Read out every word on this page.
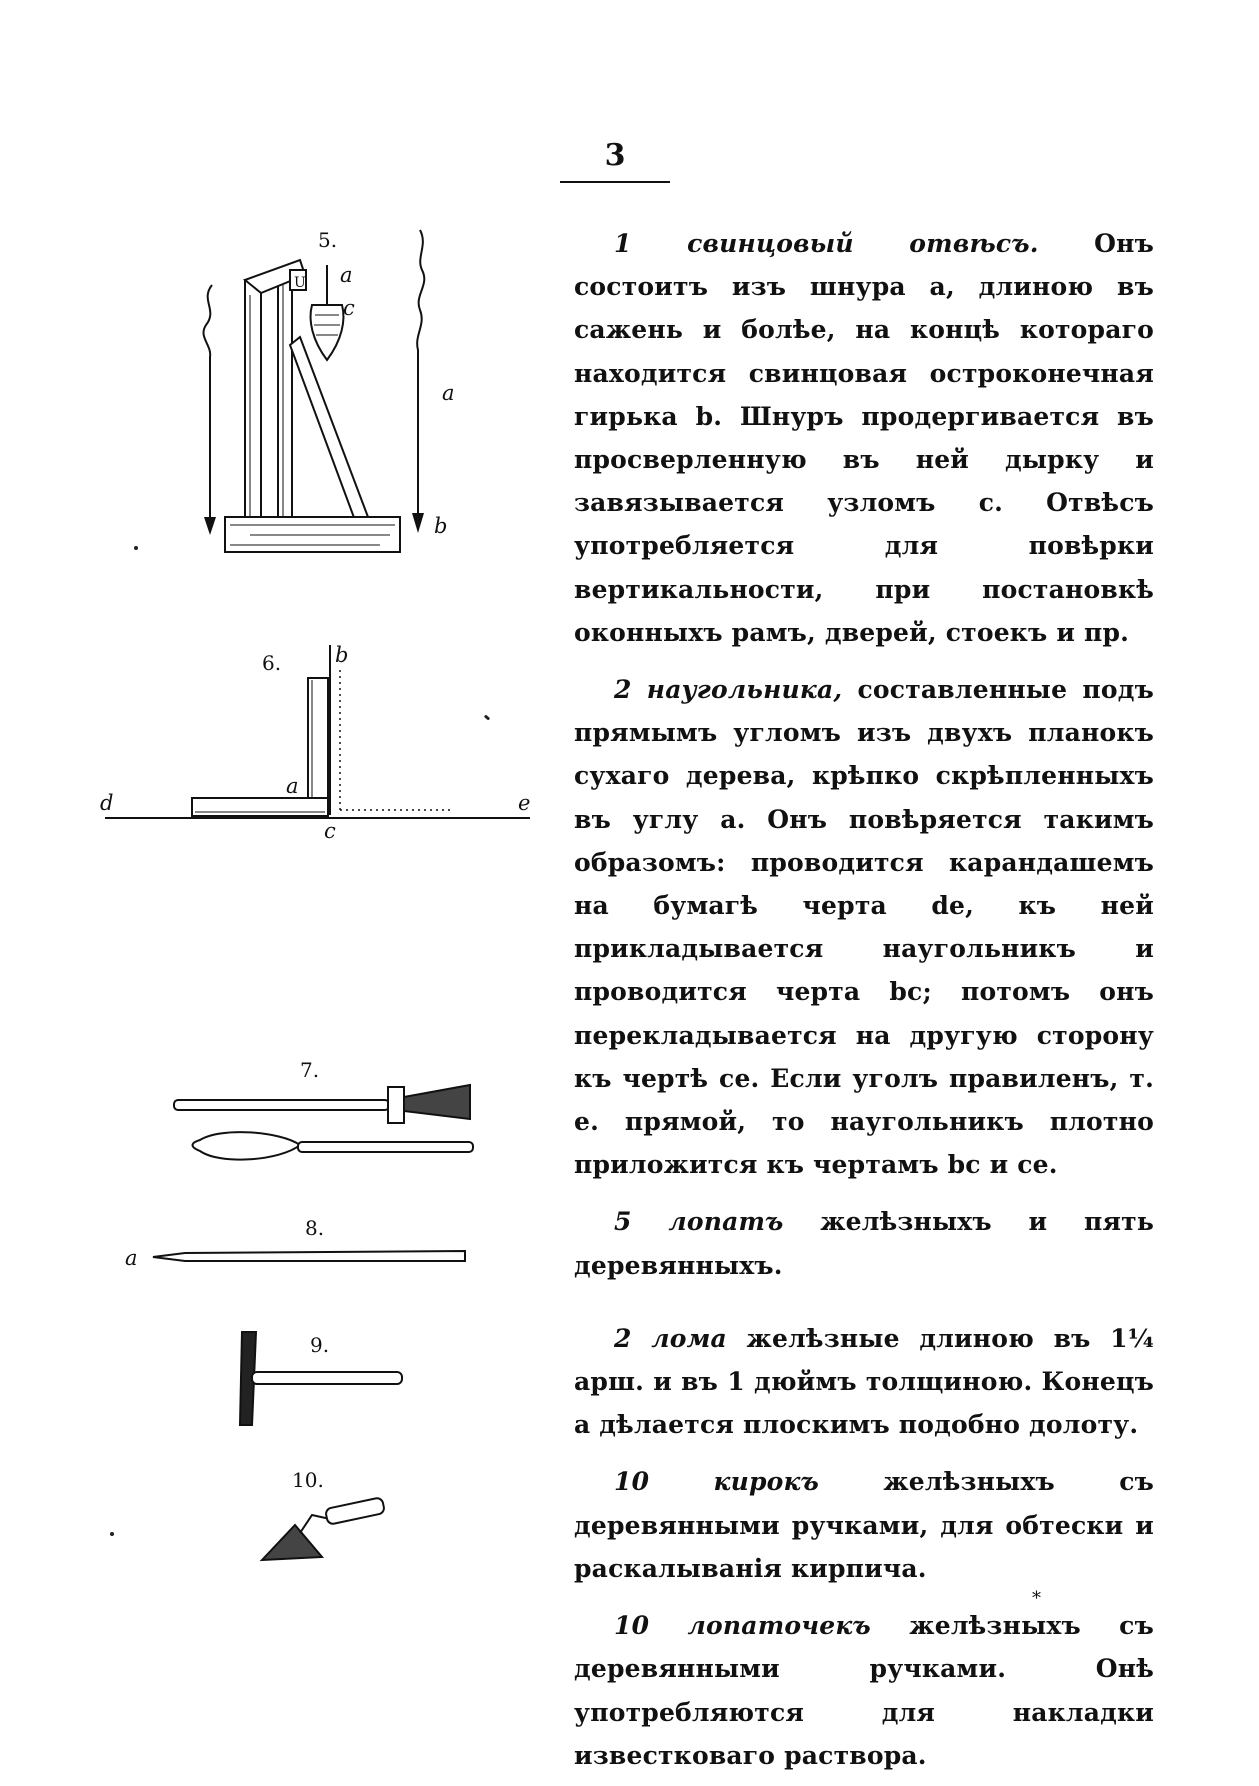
3

1 свинцовый отвѣсъ. Онъ состоитъ изъ шнура a, длиною въ сажень и болѣе, на концѣ котораго находится свинцовая остроконечная гирька b. Шнуръ продергивается въ просверленную въ ней дырку и завязывается узломъ c. Отвѣсъ употребляется для повѣрки вертикальности, при постановкѣ оконныхъ рамъ, дверей, стоекъ и пр.

2 наугольника, составленные подъ прямымъ угломъ изъ двухъ планокъ сухаго дерева, крѣпко скрѣпленныхъ въ углу a. Онъ повѣряется такимъ образомъ: проводится карандашемъ на бумагѣ черта de, къ ней прикладывается наугольникъ и проводится черта bc; потомъ онъ перекладывается на другую сторону къ чертѣ ce. Если уголъ правиленъ, т. е. прямой, то наугольникъ плотно приложится къ чертамъ bc и ce.

5 лопатъ желѣзныхъ и пять деревянныхъ.

2 лома желѣзные длиною въ 1¼ арш. и въ 1 дюймъ толщиною. Конецъ a дѣлается плоскимъ подобно долоту.

10 кирокъ желѣзныхъ съ деревянными ручками, для обтески и раскалыванія кирпича.

10 лопаточекъ желѣзныхъ съ деревянными ручками. Онѣ употребляются для накладки известковаго раствора.

*
5.
U a
c
a
b
6.	b
a
d	e
c
7.
8.
a
9.
10.
